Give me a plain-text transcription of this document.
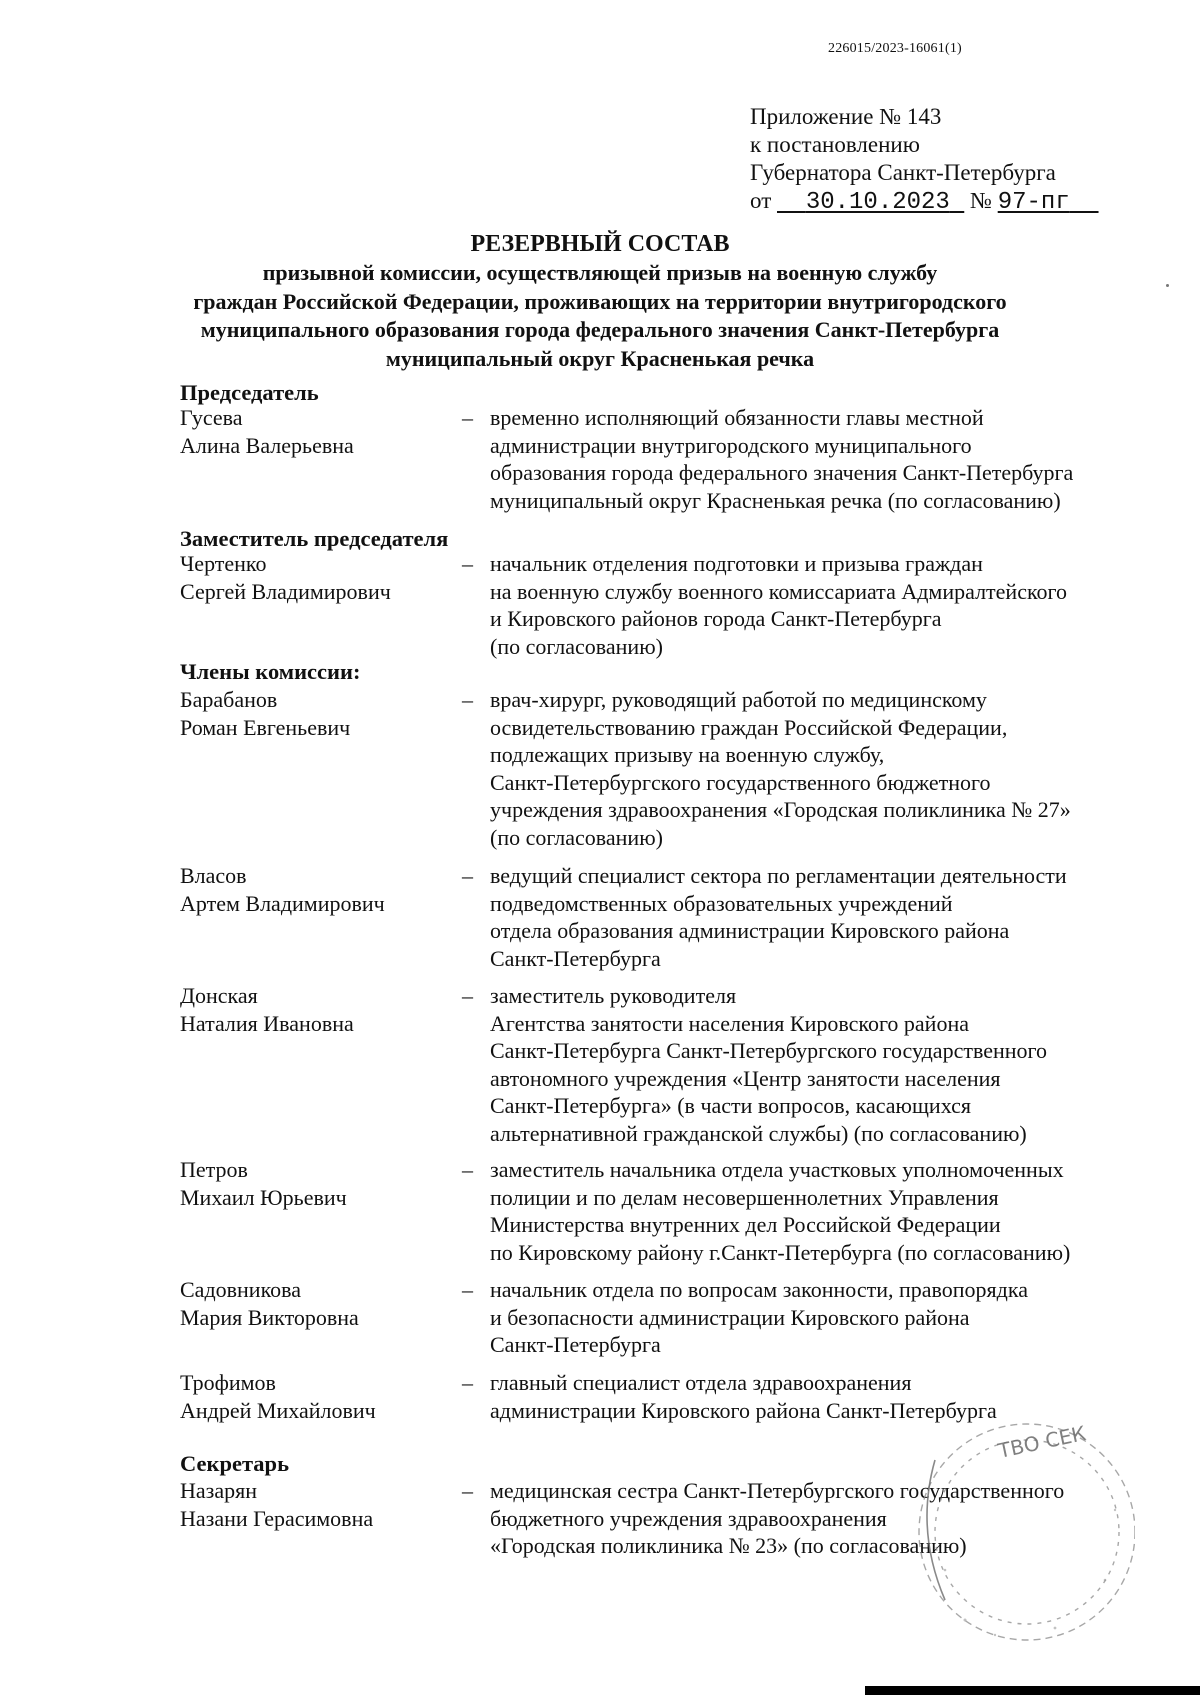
226015/2023-16061(1)
Приложение № 143
к постановлению
Губернатора Санкт-Петербурга
от 30.10.2023 № 97-пг
РЕЗЕРВНЫЙ СОСТАВ
призывной комиссии, осуществляющей призыв на военную службу
граждан Российской Федерации, проживающих на территории внутригородского
муниципального образования города федерального значения Санкт-Петербурга
муниципальный округ Красненькая речка
Председатель
Гусева
Алина Валерьевна
– временно исполняющий обязанности главы местной
администрации внутригородского муниципального
образования города федерального значения Санкт-Петербурга
муниципальный округ Красненькая речка (по согласованию)
Заместитель председателя
Чертенко
Сергей Владимирович
– начальник отделения подготовки и призыва граждан
на военную службу военного комиссариата Адмиралтейского
и Кировского районов города Санкт-Петербурга
(по согласованию)
Члены комиссии:
Барабанов
Роман Евгеньевич
– врач-хирург, руководящий работой по медицинскому
освидетельствованию граждан Российской Федерации,
подлежащих призыву на военную службу,
Санкт-Петербургского государственного бюджетного
учреждения здравоохранения «Городская поликлиника № 27»
(по согласованию)
Власов
Артем Владимирович
– ведущий специалист сектора по регламентации деятельности
подведомственных образовательных учреждений
отдела образования администрации Кировского района
Санкт-Петербурга
Донская
Наталия Ивановна
– заместитель руководителя
Агентства занятости населения Кировского района
Санкт-Петербурга Санкт-Петербургского государственного
автономного учреждения «Центр занятости населения
Санкт-Петербурга» (в части вопросов, касающихся
альтернативной гражданской службы) (по согласованию)
Петров
Михаил Юрьевич
– заместитель начальника отдела участковых уполномоченных
полиции и по делам несовершеннолетних Управления
Министерства внутренних дел Российской Федерации
по Кировскому району г.Санкт-Петербурга (по согласованию)
Садовникова
Мария Викторовна
– начальник отдела по вопросам законности, правопорядка
и безопасности администрации Кировского района
Санкт-Петербурга
Трофимов
Андрей Михайлович
– главный специалист отдела здравоохранения
администрации Кировского района Санкт-Петербурга
Секретарь
Назарян
Назани Герасимовна
– медицинская сестра Санкт-Петербургского государственного
бюджетного учреждения здравоохранения
«Городская поликлиника № 23» (по согласованию)
ТВО СЕК
